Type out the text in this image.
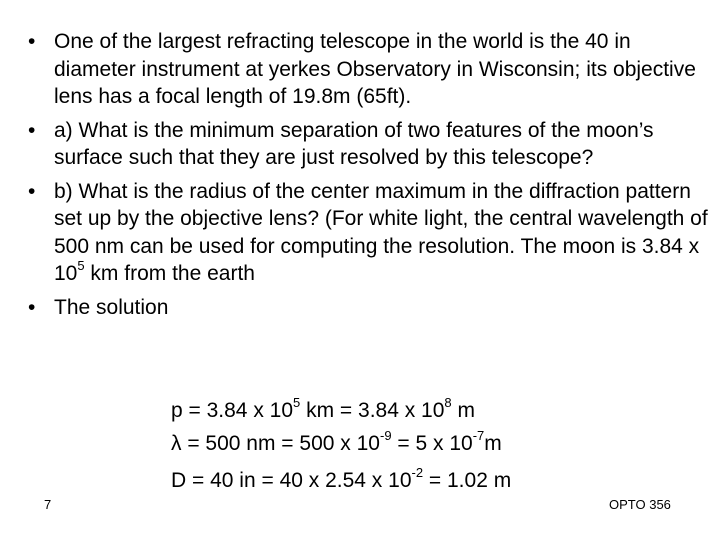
• One of the largest refracting telescope in the world is the 40 in diameter instrument at yerkes Observatory in Wisconsin; its objective lens has a focal length of 19.8m (65ft).
• a) What is the minimum separation of two features of the moon’s surface such that they are just resolved by this telescope?
• b) What is the radius of the center maximum in the diffraction pattern set up by the objective lens? (For white light, the central wavelength of 500 nm can be used for computing the resolution. The moon is 3.84 x $10^5$ km from the earth
• The solution
p = 3.84 x $10^5$ km = 3.84 x $10^8$ m
λ = 500 nm = 500 x $10^{-9} = 5$ x $10^{-7}m$
D = 40 in = 40 x 2.54 x $10^{-2} = 1.02$ m
7	OPTO 356
